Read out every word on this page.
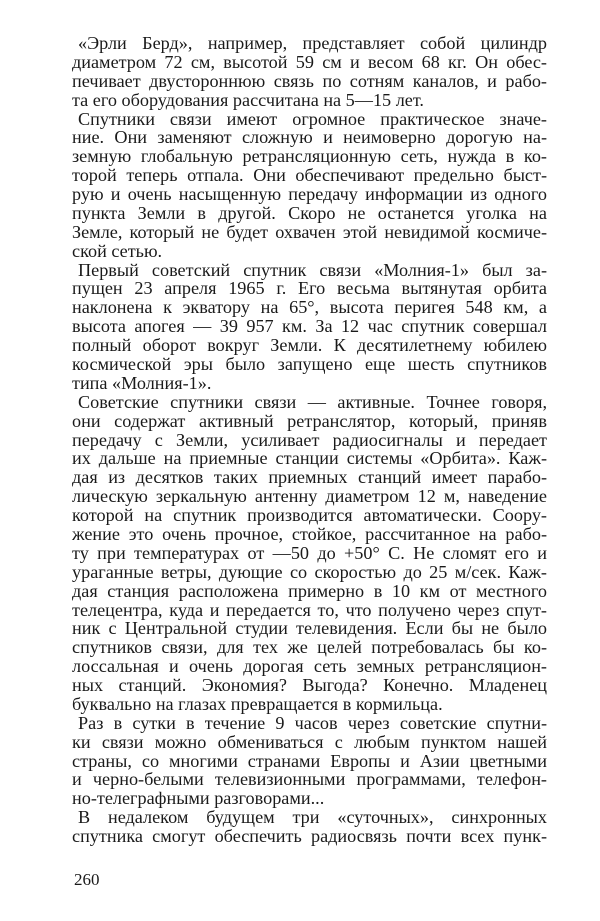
«Эрли Берд», например, представляет собой цилиндр
диаметром 72 см, высотой 59 см и весом 68 кг. Он обес-
печивает двустороннюю связь по сотням каналов, и рабо-
та его оборудования рассчитана на 5—15 лет.
Спутники связи имеют огромное практическое значе-
ние. Они заменяют сложную и неимоверно дорогую на-
земную глобальную ретрансляционную сеть, нужда в ко-
торой теперь отпала. Они обеспечивают предельно быст-
рую и очень насыщенную передачу информации из одного
пункта Земли в другой. Скоро не останется уголка на
Земле, который не будет охвачен этой невидимой космиче-
ской сетью.
Первый советский спутник связи «Молния-1» был за-
пущен 23 апреля 1965 г. Его весьма вытянутая орбита
наклонена к экватору на 65°, высота перигея 548 км, а
высота апогея — 39 957 км. За 12 час спутник совершал
полный оборот вокруг Земли. К десятилетнему юбилею
космической эры было запущено еще шесть спутников
типа «Молния-1».
Советские спутники связи — активные. Точнее говоря,
они содержат активный ретранслятор, который, приняв
передачу с Земли, усиливает радиосигналы и передает
их дальше на приемные станции системы «Орбита». Каж-
дая из десятков таких приемных станций имеет парабо-
лическую зеркальную антенну диаметром 12 м, наведение
которой на спутник производится автоматически. Соору-
жение это очень прочное, стойкое, рассчитанное на рабо-
ту при температурах от —50 до +50° С. Не сломят его и
ураганные ветры, дующие со скоростью до 25 м/сек. Каж-
дая станция расположена примерно в 10 км от местного
телецентра, куда и передается то, что получено через спут-
ник с Центральной студии телевидения. Если бы не было
спутников связи, для тех же целей потребовалась бы ко-
лоссальная и очень дорогая сеть земных ретрансляцион-
ных станций. Экономия? Выгода? Конечно. Младенец
буквально на глазах превращается в кормильца.
Раз в сутки в течение 9 часов через советские спутни-
ки связи можно обмениваться с любым пунктом нашей
страны, со многими странами Европы и Азии цветными
и черно-белыми телевизионными программами, телефон-
но-телеграфными разговорами...
В недалеком будущем три «суточных», синхронных
спутника смогут обеспечить радиосвязь почти всех пунк-
260
